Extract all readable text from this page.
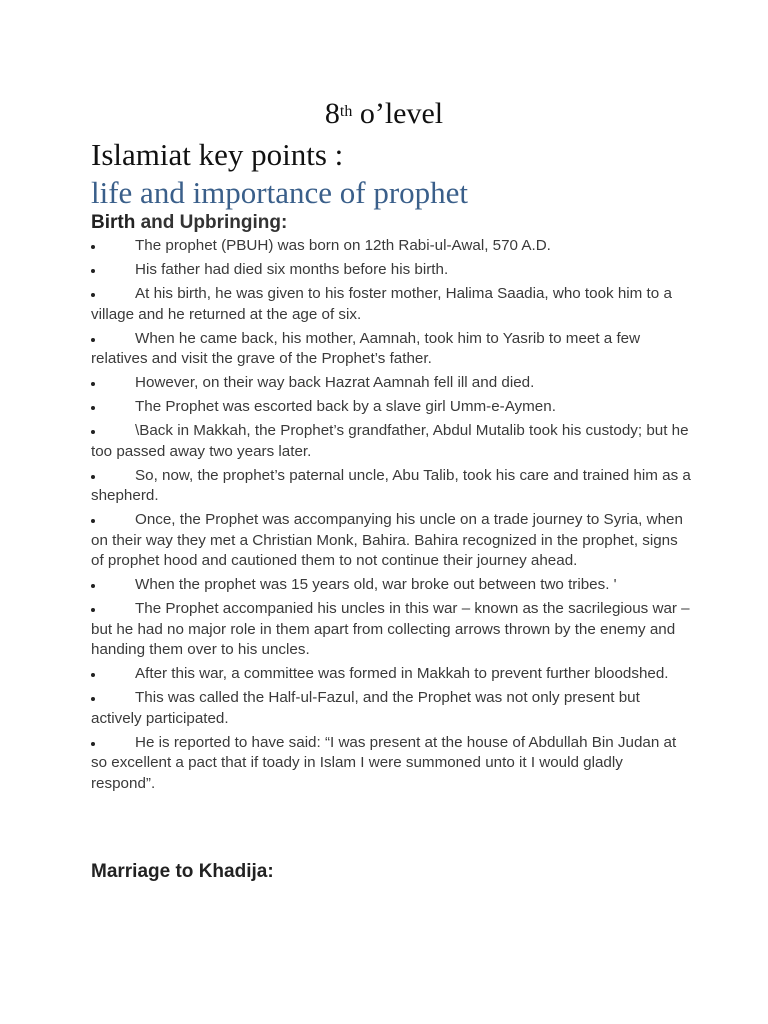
8th o’level
Islamiat key points :
life and importance of prophet
Birth and Upbringing:
The prophet (PBUH) was born on 12th Rabi-ul-Awal, 570 A.D.
His father had died six months before his birth.
At his birth, he was given to his foster mother, Halima Saadia, who took him to a village and he returned at the age of six.
When he came back, his mother, Aamnah, took him to Yasrib to meet a few relatives and visit the grave of the Prophet’s father.
However, on their way back Hazrat Aamnah fell ill and died.
The Prophet was escorted back by a slave girl Umm-e-Aymen.
\Back in Makkah, the Prophet’s grandfather, Abdul Mutalib took his custody; but he too passed away two years later.
So, now, the prophet’s paternal uncle, Abu Talib, took his care and trained him as a shepherd.
Once, the Prophet was accompanying his uncle on a trade journey to Syria, when on their way they met a Christian Monk, Bahira. Bahira recognized in the prophet, signs of prophet hood and cautioned them to not continue their journey ahead.
When the prophet was 15 years old, war broke out between two tribes. '
The Prophet accompanied his uncles in this war – known as the sacrilegious war – but he had no major role in them apart from collecting arrows thrown by the enemy and handing them over to his uncles.
After this war, a committee was formed in Makkah to prevent further bloodshed.
This was called the Half-ul-Fazul, and the Prophet was not only present but actively participated.
He is reported to have said: “I was present at the house of Abdullah Bin Judan at so excellent a pact that if toady in Islam I were summoned unto it I would gladly respond”.
Marriage to Khadija:
